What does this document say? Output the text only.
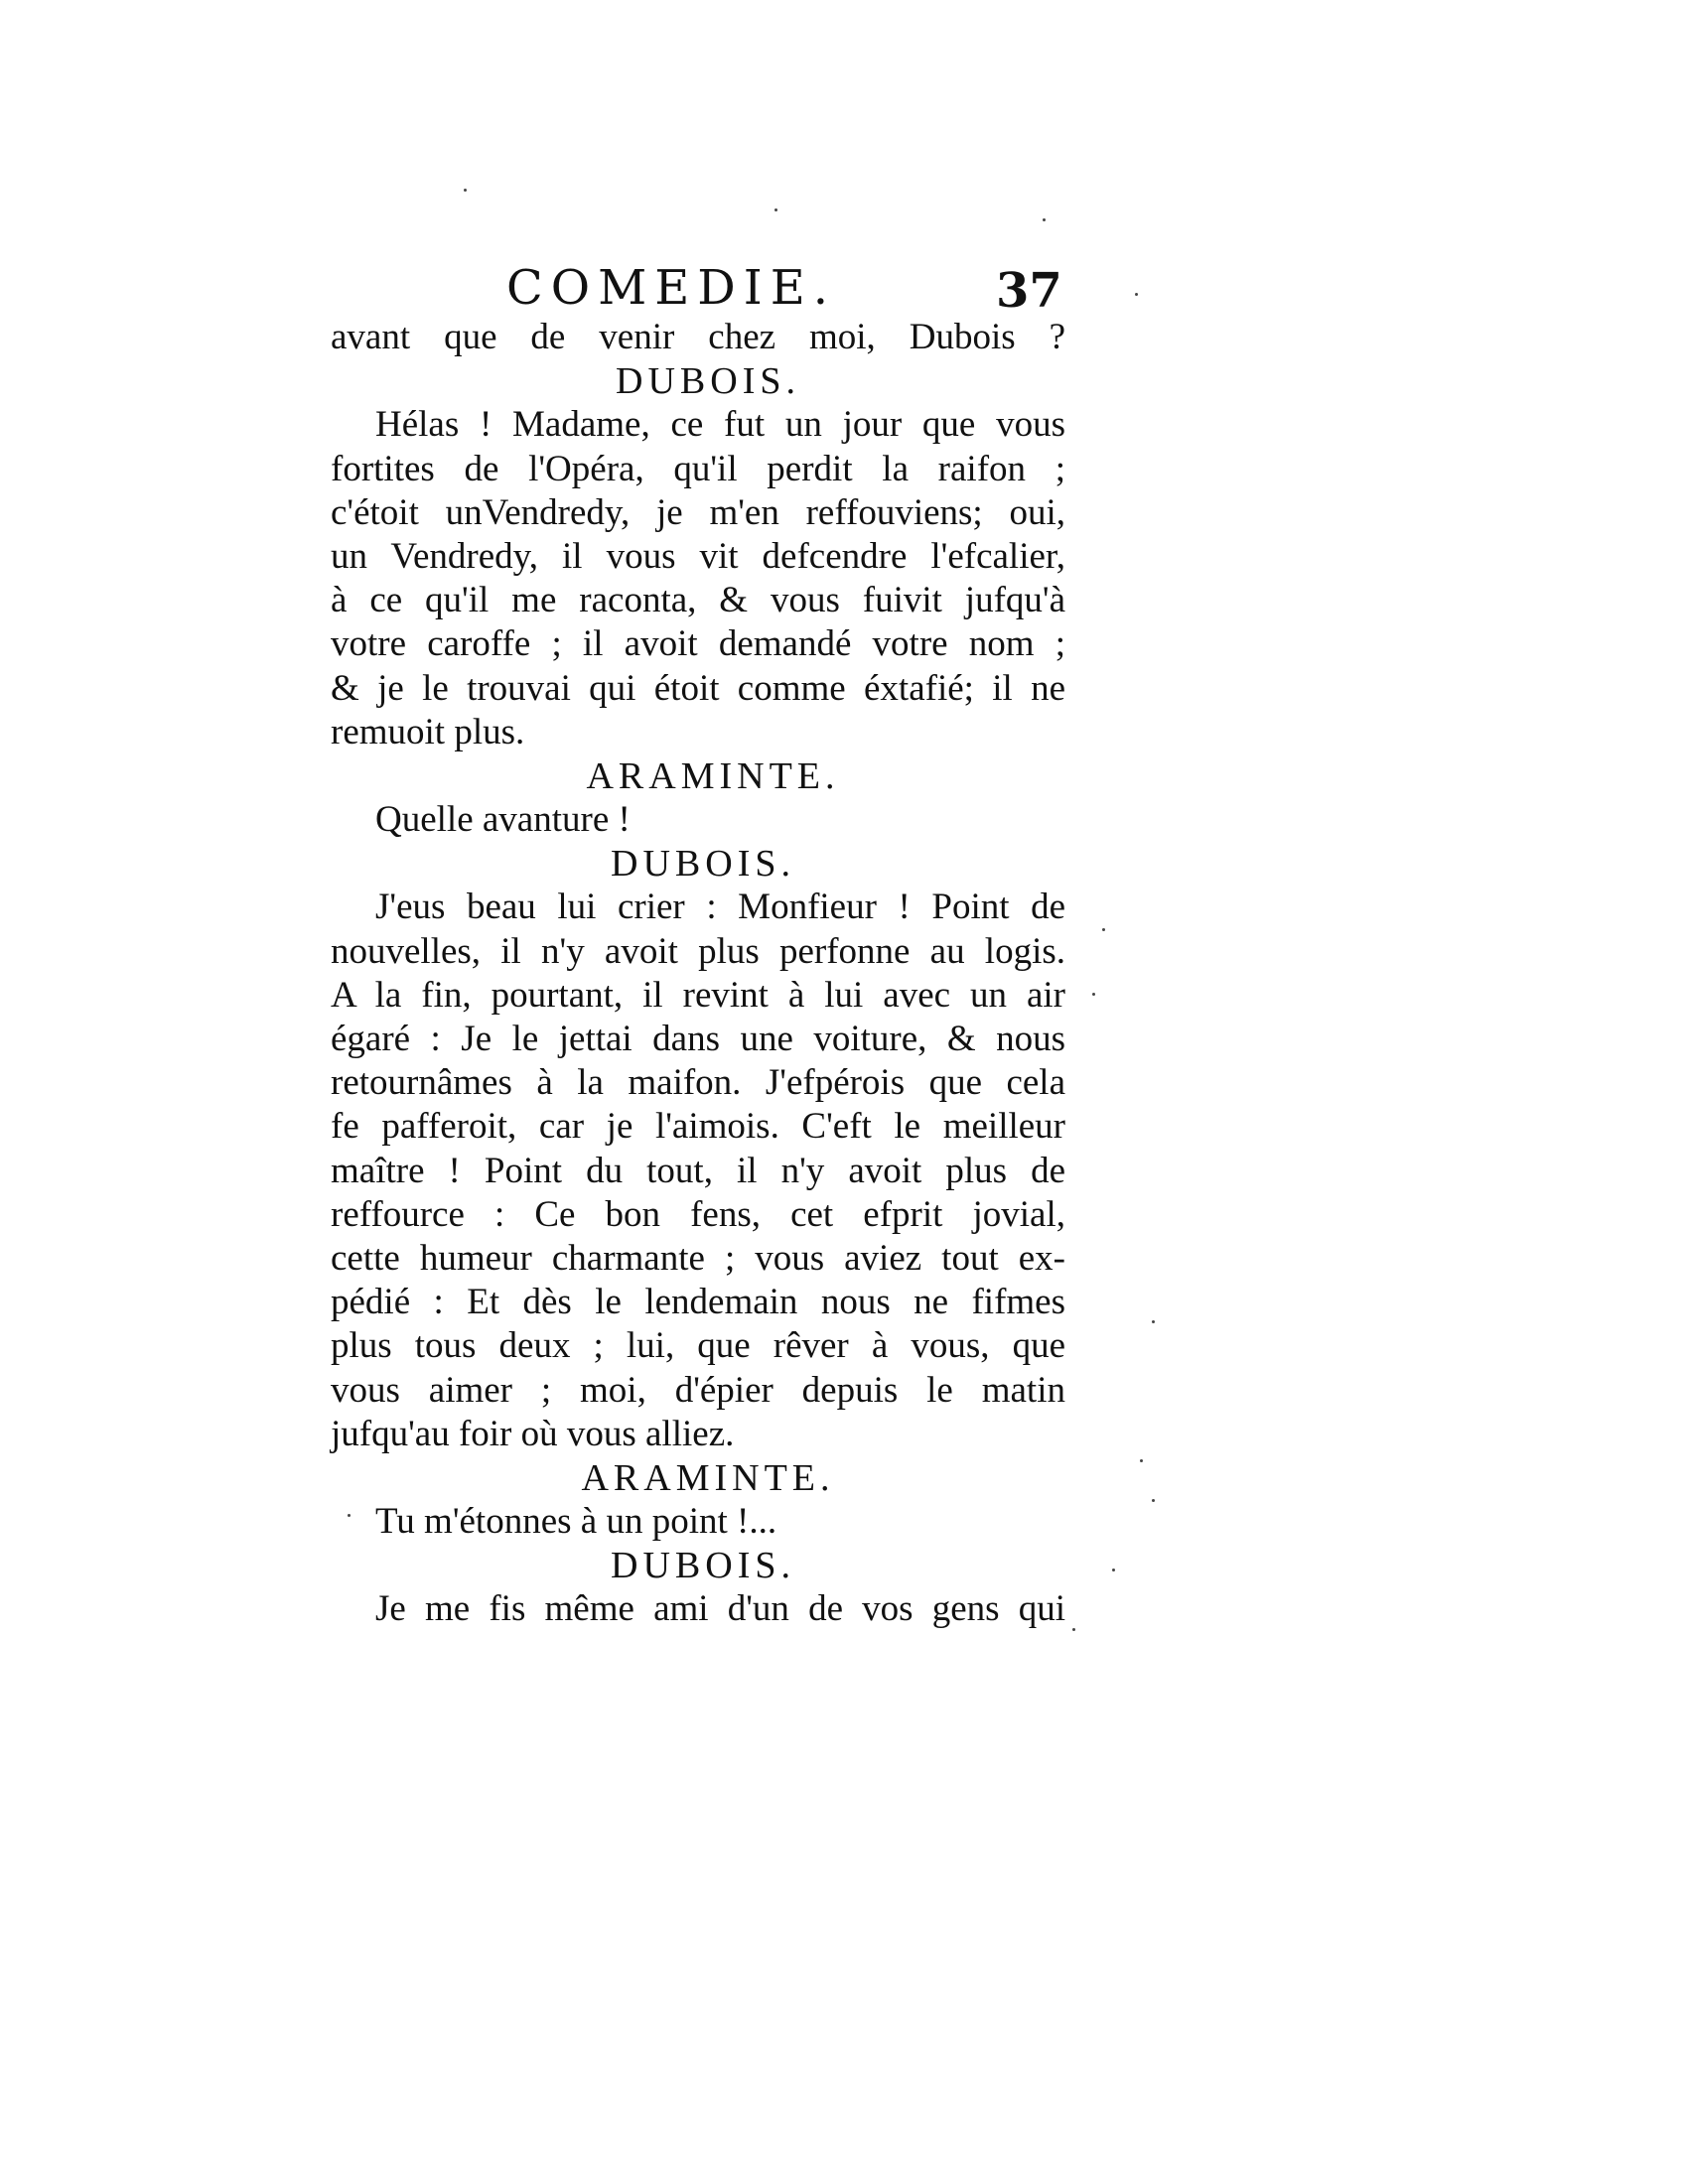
COMEDIE.	37
avant que de venir chez moi, Dubois ?
DUBOIS.
Hélas ! Madame, ce fut un jour que vous
fortites de l'Opéra, qu'il perdit la raifon ;
c'étoit unVendredy, je m'en reffouviens; oui,
un Vendredy, il vous vit defcendre l'efcalier,
à ce qu'il me raconta, & vous fuivit jufqu'à
votre caroffe ; il avoit demandé votre nom ;
& je le trouvai qui étoit comme éxtafié; il ne
remuoit plus.
ARAMINTE.
Quelle avanture !
DUBOIS.
J'eus beau lui crier : Monfieur ! Point de
nouvelles, il n'y avoit plus perfonne au logis.
A la fin, pourtant, il revint à lui avec un air
égaré : Je le jettai dans une voiture, & nous
retournâmes à la maifon. J'efpérois que cela
fe pafferoit, car je l'aimois. C'eft le meilleur
maître ! Point du tout, il n'y avoit plus de
reffource : Ce bon fens, cet efprit jovial,
cette humeur charmante ; vous aviez tout ex-
pédié : Et dès le lendemain nous ne fifmes
plus tous deux ; lui, que rêver à vous, que
vous aimer ; moi, d'épier depuis le matin
jufqu'au foir où vous alliez.
ARAMINTE.
Tu m'étonnes à un point !...
DUBOIS.
Je me fis même ami d'un de vos gens qui
